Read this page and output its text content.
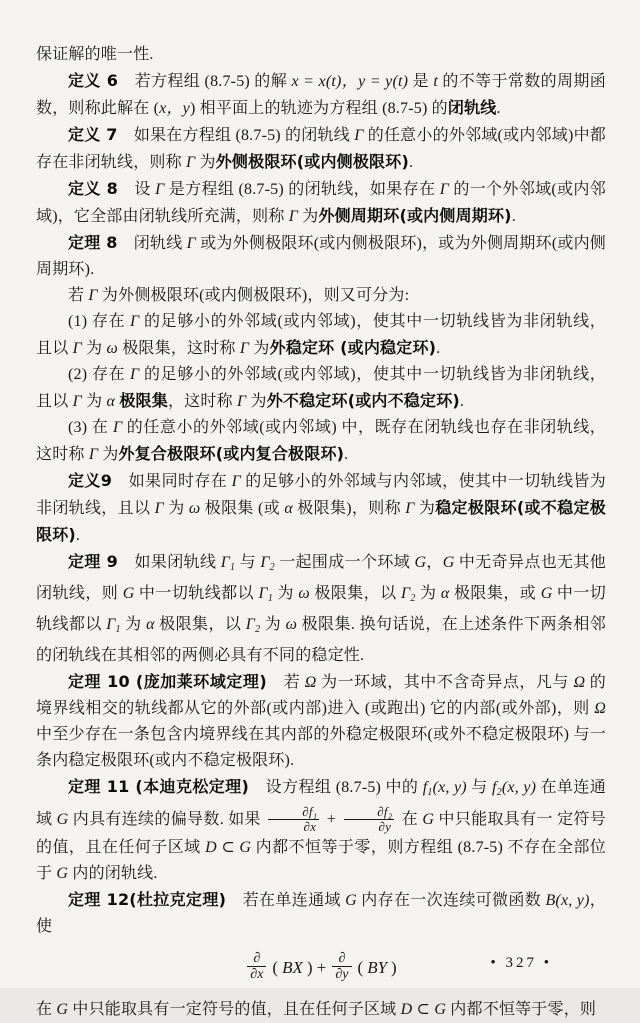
保证解的唯一性.

定义 6　若方程组 (8.7-5) 的解 x = x(t)，y = y(t) 是 t 的不等于常数的周期函数，则称此解在 (x，y) 相平面上的轨迹为方程组 (8.7-5) 的闭轨线.

定义 7　如果在方程组 (8.7-5) 的闭轨线 Γ 的任意小的外邻域(或内邻域)中都存在非闭轨线，则称 Γ 为外侧极限环(或内侧极限环).

定义 8　设 Γ 是方程组 (8.7-5) 的闭轨线，如果存在 Γ 的一个外邻域(或内邻域)，它全部由闭轨线所充满，则称 Γ 为外侧周期环(或内侧周期环).

定理 8　闭轨线 Γ 或为外侧极限环(或内侧极限环)，或为外侧周期环(或内侧周期环).

若 Γ 为外侧极限环(或内侧极限环)，则又可分为:

(1) 存在 Γ 的足够小的外邻域(或内邻域)，使其中一切轨线皆为非闭轨线，且以 Γ 为 ω 极限集，这时称 Γ 为外稳定环 (或内稳定环).

(2) 存在 Γ 的足够小的外邻域(或内邻域)，使其中一切轨线皆为非闭轨线，且以 Γ 为 α 极限集，这时称 Γ 为外不稳定环(或内不稳定环).

(3) 在 Γ 的任意小的外邻域(或内邻域) 中，既存在闭轨线也存在非闭轨线，这时称 Γ 为外复合极限环(或内复合极限环).

定义9　如果同时存在 Γ 的足够小的外邻域与内邻域，使其中一切轨线皆为非闭轨线，且以 Γ 为 ω 极限集 (或 α 极限集)，则称 Γ 为稳定极限环(或不稳定极限环).

定理 9　如果闭轨线 $\Gamma_1$ 与 $\Gamma_2$ 一起围成一个环域 G，G 中无奇异点也无其他闭轨线，则 G 中一切轨线都以 $\Gamma_1$ 为 ω 极限集，以 $\Gamma_2$ 为 α 极限集，或 G 中一切轨线都以 $\Gamma_1$ 为 α 极限集，以 $\Gamma_2$ 为 ω 极限集. 换句话说，在上述条件下两条相邻的闭轨线在其相邻的两侧必具有不同的稳定性.

定理 10 (庞加莱环域定理)　若 Ω 为一环域，其中不含奇异点，凡与 Ω 的境界线相交的轨线都从它的外部(或内部)进入 (或跑出) 它的内部(或外部)，则 Ω 中至少存在一条包含内境界线在其内部的外稳定极限环(或外不稳定极限环) 与一条内稳定极限环(或内不稳定极限环).

定理 11 (本迪克松定理)　设方程组 (8.7-5) 中的 $f_1(x$, y) 与 $f_2(x$, y) 在单连通域 G 内具有连续的偏导数. 如果 $\frac{\text{∂f₁}}{\partial x} + \frac{\text{∂f₂}}{\partial y}$ 在 G 中只能取具有一 定符号的值，且在任何子区域 D ⊂ G 内都不恒等于零，则方程组 (8.7-5) 不存在全部位于 G 内的闭轨线.

定理 12(杜拉克定理)　若在单连通域 G 内存在一次连续可微函数 B(x, y)，使

$\frac{\partial}{\partial x}$ ( BX ) + $\frac{\partial}{\partial y}$ ( BY )

在 G 中只能取具有一定符号的值，且在任何子区域 D ⊂ G 内都不恒等于零，则

• 327 •
